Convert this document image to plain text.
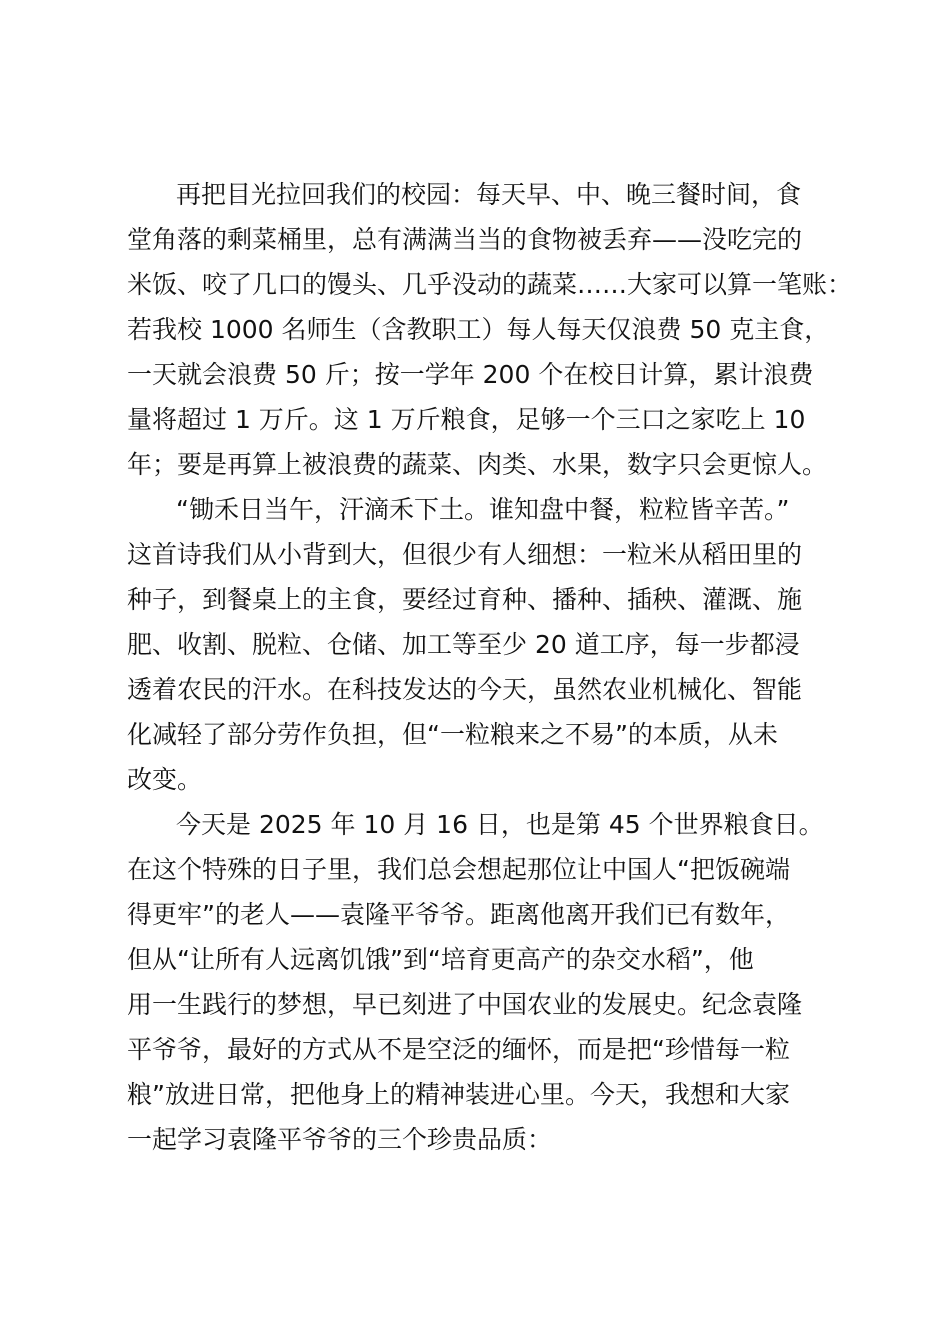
再把目光拉回我们的校园：每天早、中、晚三餐时间，食
堂角落的剩菜桶里，总有满满当当的食物被丢弃——没吃完的
米饭、咬了几口的馒头、几乎没动的蔬菜……大家可以算一笔账：
若我校 1000 名师生（含教职工）每人每天仅浪费 50 克主食，
一天就会浪费 50 斤；按一学年 200 个在校日计算，累计浪费
量将超过 1 万斤。这 1 万斤粮食，足够一个三口之家吃上 10
年；要是再算上被浪费的蔬菜、肉类、水果，数字只会更惊人。
“锄禾日当午，汗滴禾下土。谁知盘中餐，粒粒皆辛苦。”
这首诗我们从小背到大，但很少有人细想：一粒米从稻田里的
种子，到餐桌上的主食，要经过育种、播种、插秧、灌溉、施
肥、收割、脱粒、仓储、加工等至少 20 道工序，每一步都浸
透着农民的汗水。在科技发达的今天，虽然农业机械化、智能
化减轻了部分劳作负担，但“一粒粮来之不易”的本质，从未
改变。
今天是 2025 年 10 月 16 日，也是第 45 个世界粮食日。
在这个特殊的日子里，我们总会想起那位让中国人“把饭碗端
得更牢”的老人——袁隆平爷爷。距离他离开我们已有数年，
但从“让所有人远离饥饿”到“培育更高产的杂交水稻”，他
用一生践行的梦想，早已刻进了中国农业的发展史。纪念袁隆
平爷爷，最好的方式从不是空泛的缅怀，而是把“珍惜每一粒
粮”放进日常，把他身上的精神装进心里。今天，我想和大家
一起学习袁隆平爷爷的三个珍贵品质：
